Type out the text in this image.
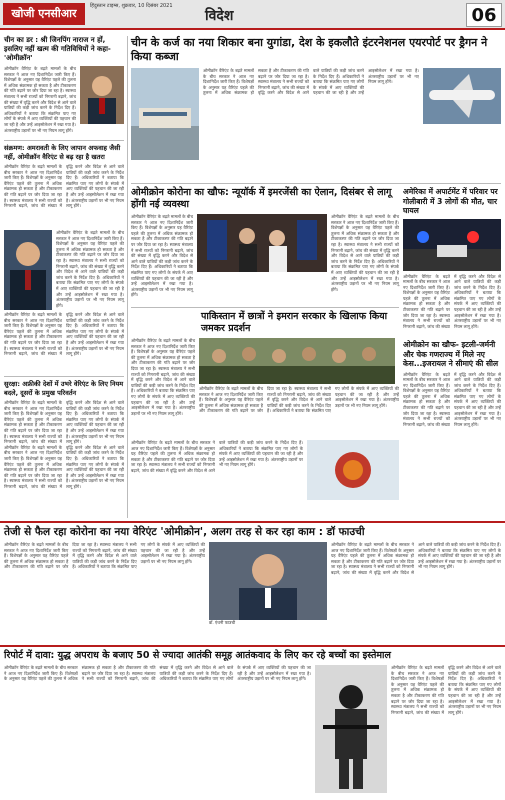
खोजी एनसीआर
हिंदुस्तान टाइम्स, शुक्रवार, 10 दिसंबर 2021
विदेश	06
चीन का डर : श्री जिनपिंग नाराज न हों, इसलिए नहीं खत्म की गतिविधियों ने कहा- 'ओमीक्रॉन'
ओमीक्रॉन वैरिएंट के बढ़ते मामलों के बीच सरकार ने आज नए दिशानिर्देश जारी किए हैं। विशेषज्ञों के अनुसार यह वैरिएंट पहले की तुलना में अधिक संक्रामक हो सकता है और टीकाकरण की गति बढ़ाने पर जोर दिया जा रहा है। स्वास्थ्य मंत्रालय ने सभी राज्यों को निगरानी बढ़ाने, जांच की संख्या में वृद्धि करने और विदेश से आने वाले यात्रियों की कड़ी जांच करने के निर्देश दिए हैं। अधिकारियों ने बताया कि संक्रमित पाए गए लोगों के संपर्क में आए व्यक्तियों की पहचान की जा रही है और उन्हें आइसोलेशन में रखा गया है। अंतरराष्ट्रीय उड़ानों पर भी नए नियम लागू होंगे।
संक्रमण: अमरावती के लिए जापान अफवाह जैसी नहीं, ओमीक्रॉन वैरिएंट से बढ़ रहा है खतरा
ओमीक्रॉन वैरिएंट के बढ़ते मामलों के बीच सरकार ने आज नए दिशानिर्देश जारी किए हैं। विशेषज्ञों के अनुसार यह वैरिएंट पहले की तुलना में अधिक संक्रामक हो सकता है और टीकाकरण की गति बढ़ाने पर जोर दिया जा रहा है। स्वास्थ्य मंत्रालय ने सभी राज्यों को निगरानी बढ़ाने, जांच की संख्या में वृद्धि करने और विदेश से आने वाले यात्रियों की कड़ी जांच करने के निर्देश दिए हैं। अधिकारियों ने बताया कि संक्रमित पाए गए लोगों के संपर्क में आए व्यक्तियों की पहचान की जा रही है और उन्हें आइसोलेशन में रखा गया है। अंतरराष्ट्रीय उड़ानों पर भी नए नियम लागू होंगे।
ओमीक्रॉन वैरिएंट के बढ़ते मामलों के बीच सरकार ने आज नए दिशानिर्देश जारी किए हैं। विशेषज्ञों के अनुसार यह वैरिएंट पहले की तुलना में अधिक संक्रामक हो सकता है और टीकाकरण की गति बढ़ाने पर जोर दिया जा रहा है। स्वास्थ्य मंत्रालय ने सभी राज्यों को निगरानी बढ़ाने, जांच की संख्या में वृद्धि करने और विदेश से आने वाले यात्रियों की कड़ी जांच करने के निर्देश दिए हैं। अधिकारियों ने बताया कि संक्रमित पाए गए लोगों के संपर्क में आए व्यक्तियों की पहचान की जा रही है और उन्हें आइसोलेशन में रखा गया है। अंतरराष्ट्रीय उड़ानों पर भी नए नियम लागू होंगे।
ओमीक्रॉन वैरिएंट के बढ़ते मामलों के बीच सरकार ने आज नए दिशानिर्देश जारी किए हैं। विशेषज्ञों के अनुसार यह वैरिएंट पहले की तुलना में अधिक संक्रामक हो सकता है और टीकाकरण की गति बढ़ाने पर जोर दिया जा रहा है। स्वास्थ्य मंत्रालय ने सभी राज्यों को निगरानी बढ़ाने, जांच की संख्या में वृद्धि करने और विदेश से आने वाले यात्रियों की कड़ी जांच करने के निर्देश दिए हैं। अधिकारियों ने बताया कि संक्रमित पाए गए लोगों के संपर्क में आए व्यक्तियों की पहचान की जा रही है और उन्हें आइसोलेशन में रखा गया है। अंतरराष्ट्रीय उड़ानों पर भी नए नियम लागू होंगे।
सुरक्षा: अफ्रीकी देशों में उभरे वेरिएंट के लिए नियम बदले, दूसरों के प्रमुख परिवर्तन
ओमीक्रॉन वैरिएंट के बढ़ते मामलों के बीच सरकार ने आज नए दिशानिर्देश जारी किए हैं। विशेषज्ञों के अनुसार यह वैरिएंट पहले की तुलना में अधिक संक्रामक हो सकता है और टीकाकरण की गति बढ़ाने पर जोर दिया जा रहा है। स्वास्थ्य मंत्रालय ने सभी राज्यों को निगरानी बढ़ाने, जांच की संख्या में वृद्धि करने और विदेश से आने वाले यात्रियों की कड़ी जांच करने के निर्देश दिए हैं। अधिकारियों ने बताया कि संक्रमित पाए गए लोगों के संपर्क में आए व्यक्तियों की पहचान की जा रही है और उन्हें आइसोलेशन में रखा गया है। अंतरराष्ट्रीय उड़ानों पर भी नए नियम लागू होंगे।
ओमीक्रॉन वैरिएंट के बढ़ते मामलों के बीच सरकार ने आज नए दिशानिर्देश जारी किए हैं। विशेषज्ञों के अनुसार यह वैरिएंट पहले की तुलना में अधिक संक्रामक हो सकता है और टीकाकरण की गति बढ़ाने पर जोर दिया जा रहा है। स्वास्थ्य मंत्रालय ने सभी राज्यों को निगरानी बढ़ाने, जांच की संख्या में वृद्धि करने और विदेश से आने वाले यात्रियों की कड़ी जांच करने के निर्देश दिए हैं। अधिकारियों ने बताया कि संक्रमित पाए गए लोगों के संपर्क में आए व्यक्तियों की पहचान की जा रही है और उन्हें आइसोलेशन में रखा गया है। अंतरराष्ट्रीय उड़ानों पर भी नए नियम लागू होंगे।
चीन के कर्ज का नया शिकार बना युगांडा, देश के इकलौते इंटरनेशनल एयरपोर्ट पर ड्रैगन ने किया कब्जा
ओमीक्रॉन वैरिएंट के बढ़ते मामलों के बीच सरकार ने आज नए दिशानिर्देश जारी किए हैं। विशेषज्ञों के अनुसार यह वैरिएंट पहले की तुलना में अधिक संक्रामक हो सकता है और टीकाकरण की गति बढ़ाने पर जोर दिया जा रहा है। स्वास्थ्य मंत्रालय ने सभी राज्यों को निगरानी बढ़ाने, जांच की संख्या में वृद्धि करने और विदेश से आने वाले यात्रियों की कड़ी जांच करने के निर्देश दिए हैं। अधिकारियों ने बताया कि संक्रमित पाए गए लोगों के संपर्क में आए व्यक्तियों की पहचान की जा रही है और उन्हें आइसोलेशन में रखा गया है। अंतरराष्ट्रीय उड़ानों पर भी नए नियम लागू होंगे।
ओमीक्रोन कोरोना का खौफ: न्यूयॉर्क में इमरजेंसी का ऐलान, दिसंबर से लागू होंगी नई व्यवस्था
ओमीक्रॉन वैरिएंट के बढ़ते मामलों के बीच सरकार ने आज नए दिशानिर्देश जारी किए हैं। विशेषज्ञों के अनुसार यह वैरिएंट पहले की तुलना में अधिक संक्रामक हो सकता है और टीकाकरण की गति बढ़ाने पर जोर दिया जा रहा है। स्वास्थ्य मंत्रालय ने सभी राज्यों को निगरानी बढ़ाने, जांच की संख्या में वृद्धि करने और विदेश से आने वाले यात्रियों की कड़ी जांच करने के निर्देश दिए हैं। अधिकारियों ने बताया कि संक्रमित पाए गए लोगों के संपर्क में आए व्यक्तियों की पहचान की जा रही है और उन्हें आइसोलेशन में रखा गया है। अंतरराष्ट्रीय उड़ानों पर भी नए नियम लागू होंगे।
ओमीक्रॉन वैरिएंट के बढ़ते मामलों के बीच सरकार ने आज नए दिशानिर्देश जारी किए हैं। विशेषज्ञों के अनुसार यह वैरिएंट पहले की तुलना में अधिक संक्रामक हो सकता है और टीकाकरण की गति बढ़ाने पर जोर दिया जा रहा है। स्वास्थ्य मंत्रालय ने सभी राज्यों को निगरानी बढ़ाने, जांच की संख्या में वृद्धि करने और विदेश से आने वाले यात्रियों की कड़ी जांच करने के निर्देश दिए हैं। अधिकारियों ने बताया कि संक्रमित पाए गए लोगों के संपर्क में आए व्यक्तियों की पहचान की जा रही है और उन्हें आइसोलेशन में रखा गया है। अंतरराष्ट्रीय उड़ानों पर भी नए नियम लागू होंगे।
अमेरिका में अपार्टमेंट में परिवार पर गोलीबारी में 3 लोगों की मौत, चार घायल
ओमीक्रॉन वैरिएंट के बढ़ते मामलों के बीच सरकार ने आज नए दिशानिर्देश जारी किए हैं। विशेषज्ञों के अनुसार यह वैरिएंट पहले की तुलना में अधिक संक्रामक हो सकता है और टीकाकरण की गति बढ़ाने पर जोर दिया जा रहा है। स्वास्थ्य मंत्रालय ने सभी राज्यों को निगरानी बढ़ाने, जांच की संख्या में वृद्धि करने और विदेश से आने वाले यात्रियों की कड़ी जांच करने के निर्देश दिए हैं। अधिकारियों ने बताया कि संक्रमित पाए गए लोगों के संपर्क में आए व्यक्तियों की पहचान की जा रही है और उन्हें आइसोलेशन में रखा गया है। अंतरराष्ट्रीय उड़ानों पर भी नए नियम लागू होंगे।
पाकिस्तान में छात्रों ने इमरान सरकार के खिलाफ किया जमकर प्रदर्शन
ओमीक्रॉन वैरिएंट के बढ़ते मामलों के बीच सरकार ने आज नए दिशानिर्देश जारी किए हैं। विशेषज्ञों के अनुसार यह वैरिएंट पहले की तुलना में अधिक संक्रामक हो सकता है और टीकाकरण की गति बढ़ाने पर जोर दिया जा रहा है। स्वास्थ्य मंत्रालय ने सभी राज्यों को निगरानी बढ़ाने, जांच की संख्या में वृद्धि करने और विदेश से आने वाले यात्रियों की कड़ी जांच करने के निर्देश दिए हैं। अधिकारियों ने बताया कि संक्रमित पाए गए लोगों के संपर्क में आए व्यक्तियों की पहचान की जा रही है और उन्हें आइसोलेशन में रखा गया है। अंतरराष्ट्रीय उड़ानों पर भी नए नियम लागू होंगे।
ओमीक्रॉन वैरिएंट के बढ़ते मामलों के बीच सरकार ने आज नए दिशानिर्देश जारी किए हैं। विशेषज्ञों के अनुसार यह वैरिएंट पहले की तुलना में अधिक संक्रामक हो सकता है और टीकाकरण की गति बढ़ाने पर जोर दिया जा रहा है। स्वास्थ्य मंत्रालय ने सभी राज्यों को निगरानी बढ़ाने, जांच की संख्या में वृद्धि करने और विदेश से आने वाले यात्रियों की कड़ी जांच करने के निर्देश दिए हैं। अधिकारियों ने बताया कि संक्रमित पाए गए लोगों के संपर्क में आए व्यक्तियों की पहचान की जा रही है और उन्हें आइसोलेशन में रखा गया है। अंतरराष्ट्रीय उड़ानों पर भी नए नियम लागू होंगे।
ओमीक्रोन का खौफ- इटली-जर्मनी और चेक गणराज्य में मिले नए केस...इजरायल ने सीमाएं की सील
ओमीक्रॉन वैरिएंट के बढ़ते मामलों के बीच सरकार ने आज नए दिशानिर्देश जारी किए हैं। विशेषज्ञों के अनुसार यह वैरिएंट पहले की तुलना में अधिक संक्रामक हो सकता है और टीकाकरण की गति बढ़ाने पर जोर दिया जा रहा है। स्वास्थ्य मंत्रालय ने सभी राज्यों को निगरानी बढ़ाने, जांच की संख्या में वृद्धि करने और विदेश से आने वाले यात्रियों की कड़ी जांच करने के निर्देश दिए हैं। अधिकारियों ने बताया कि संक्रमित पाए गए लोगों के संपर्क में आए व्यक्तियों की पहचान की जा रही है और उन्हें आइसोलेशन में रखा गया है। अंतरराष्ट्रीय उड़ानों पर भी नए नियम लागू होंगे।
ओमीक्रॉन वैरिएंट के बढ़ते मामलों के बीच सरकार ने आज नए दिशानिर्देश जारी किए हैं। विशेषज्ञों के अनुसार यह वैरिएंट पहले की तुलना में अधिक संक्रामक हो सकता है और टीकाकरण की गति बढ़ाने पर जोर दिया जा रहा है। स्वास्थ्य मंत्रालय ने सभी राज्यों को निगरानी बढ़ाने, जांच की संख्या में वृद्धि करने और विदेश से आने वाले यात्रियों की कड़ी जांच करने के निर्देश दिए हैं। अधिकारियों ने बताया कि संक्रमित पाए गए लोगों के संपर्क में आए व्यक्तियों की पहचान की जा रही है और उन्हें आइसोलेशन में रखा गया है। अंतरराष्ट्रीय उड़ानों पर भी नए नियम लागू होंगे।
तेजी से फैल रहा कोरोना का नया वेरिएंट 'ओमीक्रोन', अलग तरह से कर रहा काम : डॉ फाउची
ओमीक्रॉन वैरिएंट के बढ़ते मामलों के बीच सरकार ने आज नए दिशानिर्देश जारी किए हैं। विशेषज्ञों के अनुसार यह वैरिएंट पहले की तुलना में अधिक संक्रामक हो सकता है और टीकाकरण की गति बढ़ाने पर जोर दिया जा रहा है। स्वास्थ्य मंत्रालय ने सभी राज्यों को निगरानी बढ़ाने, जांच की संख्या में वृद्धि करने और विदेश से आने वाले यात्रियों की कड़ी जांच करने के निर्देश दिए हैं। अधिकारियों ने बताया कि संक्रमित पाए गए लोगों के संपर्क में आए व्यक्तियों की पहचान की जा रही है और उन्हें आइसोलेशन में रखा गया है। अंतरराष्ट्रीय उड़ानों पर भी नए नियम लागू होंगे।
डॉ. एंथनी फाउची
ओमीक्रॉन वैरिएंट के बढ़ते मामलों के बीच सरकार ने आज नए दिशानिर्देश जारी किए हैं। विशेषज्ञों के अनुसार यह वैरिएंट पहले की तुलना में अधिक संक्रामक हो सकता है और टीकाकरण की गति बढ़ाने पर जोर दिया जा रहा है। स्वास्थ्य मंत्रालय ने सभी राज्यों को निगरानी बढ़ाने, जांच की संख्या में वृद्धि करने और विदेश से आने वाले यात्रियों की कड़ी जांच करने के निर्देश दिए हैं। अधिकारियों ने बताया कि संक्रमित पाए गए लोगों के संपर्क में आए व्यक्तियों की पहचान की जा रही है और उन्हें आइसोलेशन में रखा गया है। अंतरराष्ट्रीय उड़ानों पर भी नए नियम लागू होंगे।
रिपोर्ट में दावा: युद्ध अपराध के बजाए 50 से ज्यादा आतंकी समूह आतंकवाद के लिए कर रहे बच्चों का इस्तेमाल
ओमीक्रॉन वैरिएंट के बढ़ते मामलों के बीच सरकार ने आज नए दिशानिर्देश जारी किए हैं। विशेषज्ञों के अनुसार यह वैरिएंट पहले की तुलना में अधिक संक्रामक हो सकता है और टीकाकरण की गति बढ़ाने पर जोर दिया जा रहा है। स्वास्थ्य मंत्रालय ने सभी राज्यों को निगरानी बढ़ाने, जांच की संख्या में वृद्धि करने और विदेश से आने वाले यात्रियों की कड़ी जांच करने के निर्देश दिए हैं। अधिकारियों ने बताया कि संक्रमित पाए गए लोगों के संपर्क में आए व्यक्तियों की पहचान की जा रही है और उन्हें आइसोलेशन में रखा गया है। अंतरराष्ट्रीय उड़ानों पर भी नए नियम लागू होंगे।
ओमीक्रॉन वैरिएंट के बढ़ते मामलों के बीच सरकार ने आज नए दिशानिर्देश जारी किए हैं। विशेषज्ञों के अनुसार यह वैरिएंट पहले की तुलना में अधिक संक्रामक हो सकता है और टीकाकरण की गति बढ़ाने पर जोर दिया जा रहा है। स्वास्थ्य मंत्रालय ने सभी राज्यों को निगरानी बढ़ाने, जांच की संख्या में वृद्धि करने और विदेश से आने वाले यात्रियों की कड़ी जांच करने के निर्देश दिए हैं। अधिकारियों ने बताया कि संक्रमित पाए गए लोगों के संपर्क में आए व्यक्तियों की पहचान की जा रही है और उन्हें आइसोलेशन में रखा गया है। अंतरराष्ट्रीय उड़ानों पर भी नए नियम लागू होंगे।
